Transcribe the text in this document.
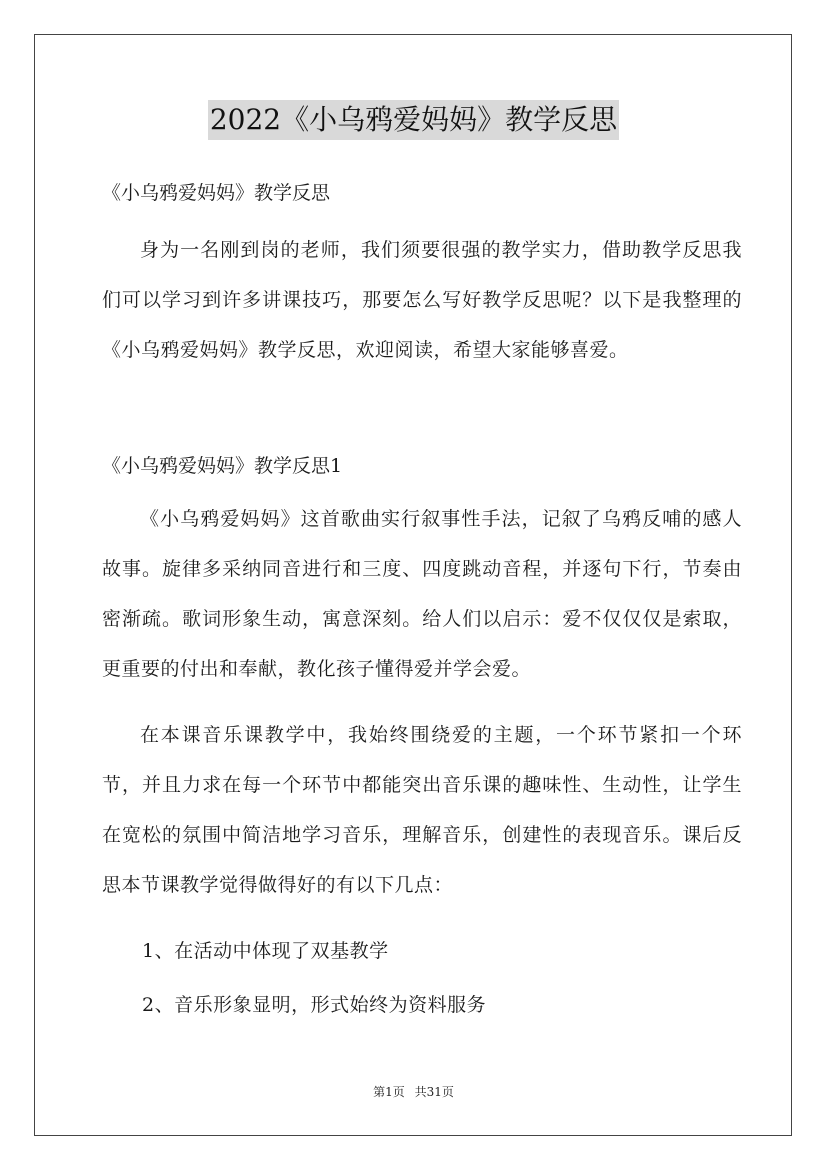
2022《小乌鸦爱妈妈》教学反思
《小乌鸦爱妈妈》教学反思
身为一名刚到岗的老师，我们须要很强的教学实力，借助教学反思我们可以学习到许多讲课技巧，那要怎么写好教学反思呢？以下是我整理的《小乌鸦爱妈妈》教学反思，欢迎阅读，希望大家能够喜爱。
《小乌鸦爱妈妈》教学反思1
《小乌鸦爱妈妈》这首歌曲实行叙事性手法，记叙了乌鸦反哺的感人故事。旋律多采纳同音进行和三度、四度跳动音程，并逐句下行，节奏由密渐疏。歌词形象生动，寓意深刻。给人们以启示：爱不仅仅仅是索取，更重要的付出和奉献，教化孩子懂得爱并学会爱。
在本课音乐课教学中，我始终围绕爱的主题，一个环节紧扣一个环节，并且力求在每一个环节中都能突出音乐课的趣味性、生动性，让学生在宽松的氛围中简洁地学习音乐，理解音乐，创建性的表现音乐。课后反思本节课教学觉得做得好的有以下几点：
1、在活动中体现了双基教学
2、音乐形象显明，形式始终为资料服务
第1页 共31页
